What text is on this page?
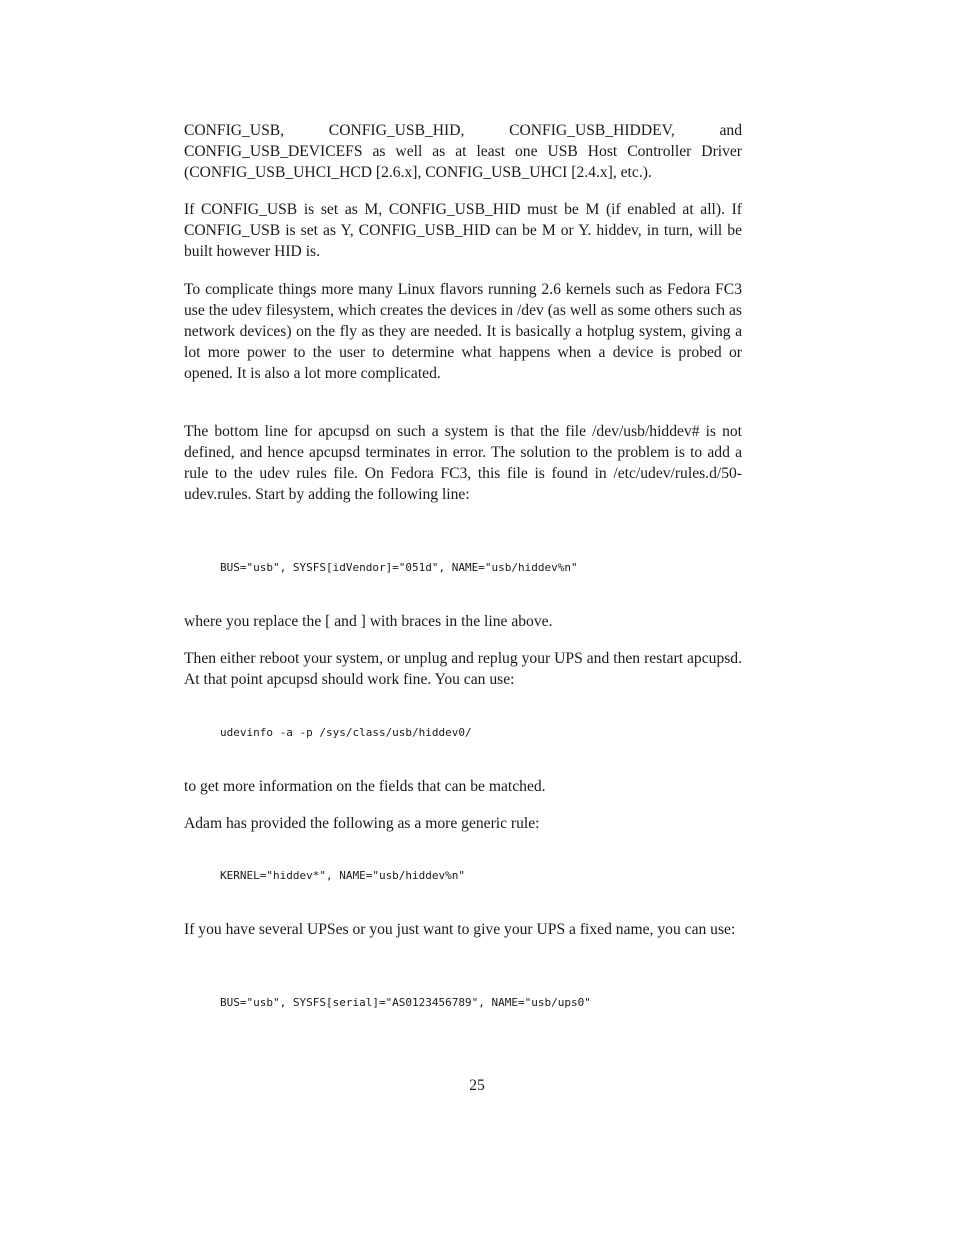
CONFIG_USB, CONFIG_USB_HID, CONFIG_USB_HIDDEV, and CONFIG_USB_DEVICEFS as well as at least one USB Host Controller Driver (CONFIG_USB_UHCI_HCD [2.6.x], CONFIG_USB_UHCI [2.4.x], etc.).

If CONFIG_USB is set as M, CONFIG_USB_HID must be M (if enabled at all). If CONFIG_USB is set as Y, CONFIG_USB_HID can be M or Y. hiddev, in turn, will be built however HID is.

To complicate things more many Linux flavors running 2.6 kernels such as Fedora FC3 use the udev filesystem, which creates the devices in /dev (as well as some others such as network devices) on the fly as they are needed. It is basically a hotplug system, giving a lot more power to the user to determine what happens when a device is probed or opened. It is also a lot more complicated.

The bottom line for apcupsd on such a system is that the file /dev/usb/hiddev# is not defined, and hence apcupsd terminates in error. The solution to the problem is to add a rule to the udev rules file. On Fedora FC3, this file is found in /etc/udev/rules.d/50-udev.rules. Start by adding the following line:

BUS="usb", SYSFS[idVendor]="051d", NAME="usb/hiddev%n"

where you replace the [ and ] with braces in the line above.

Then either reboot your system, or unplug and replug your UPS and then restart apcupsd. At that point apcupsd should work fine. You can use:

udevinfo -a -p /sys/class/usb/hiddev0/

to get more information on the fields that can be matched.

Adam has provided the following as a more generic rule:

KERNEL="hiddev*", NAME="usb/hiddev%n"

If you have several UPSes or you just want to give your UPS a fixed name, you can use:

BUS="usb", SYSFS[serial]="AS0123456789", NAME="usb/ups0"
25
